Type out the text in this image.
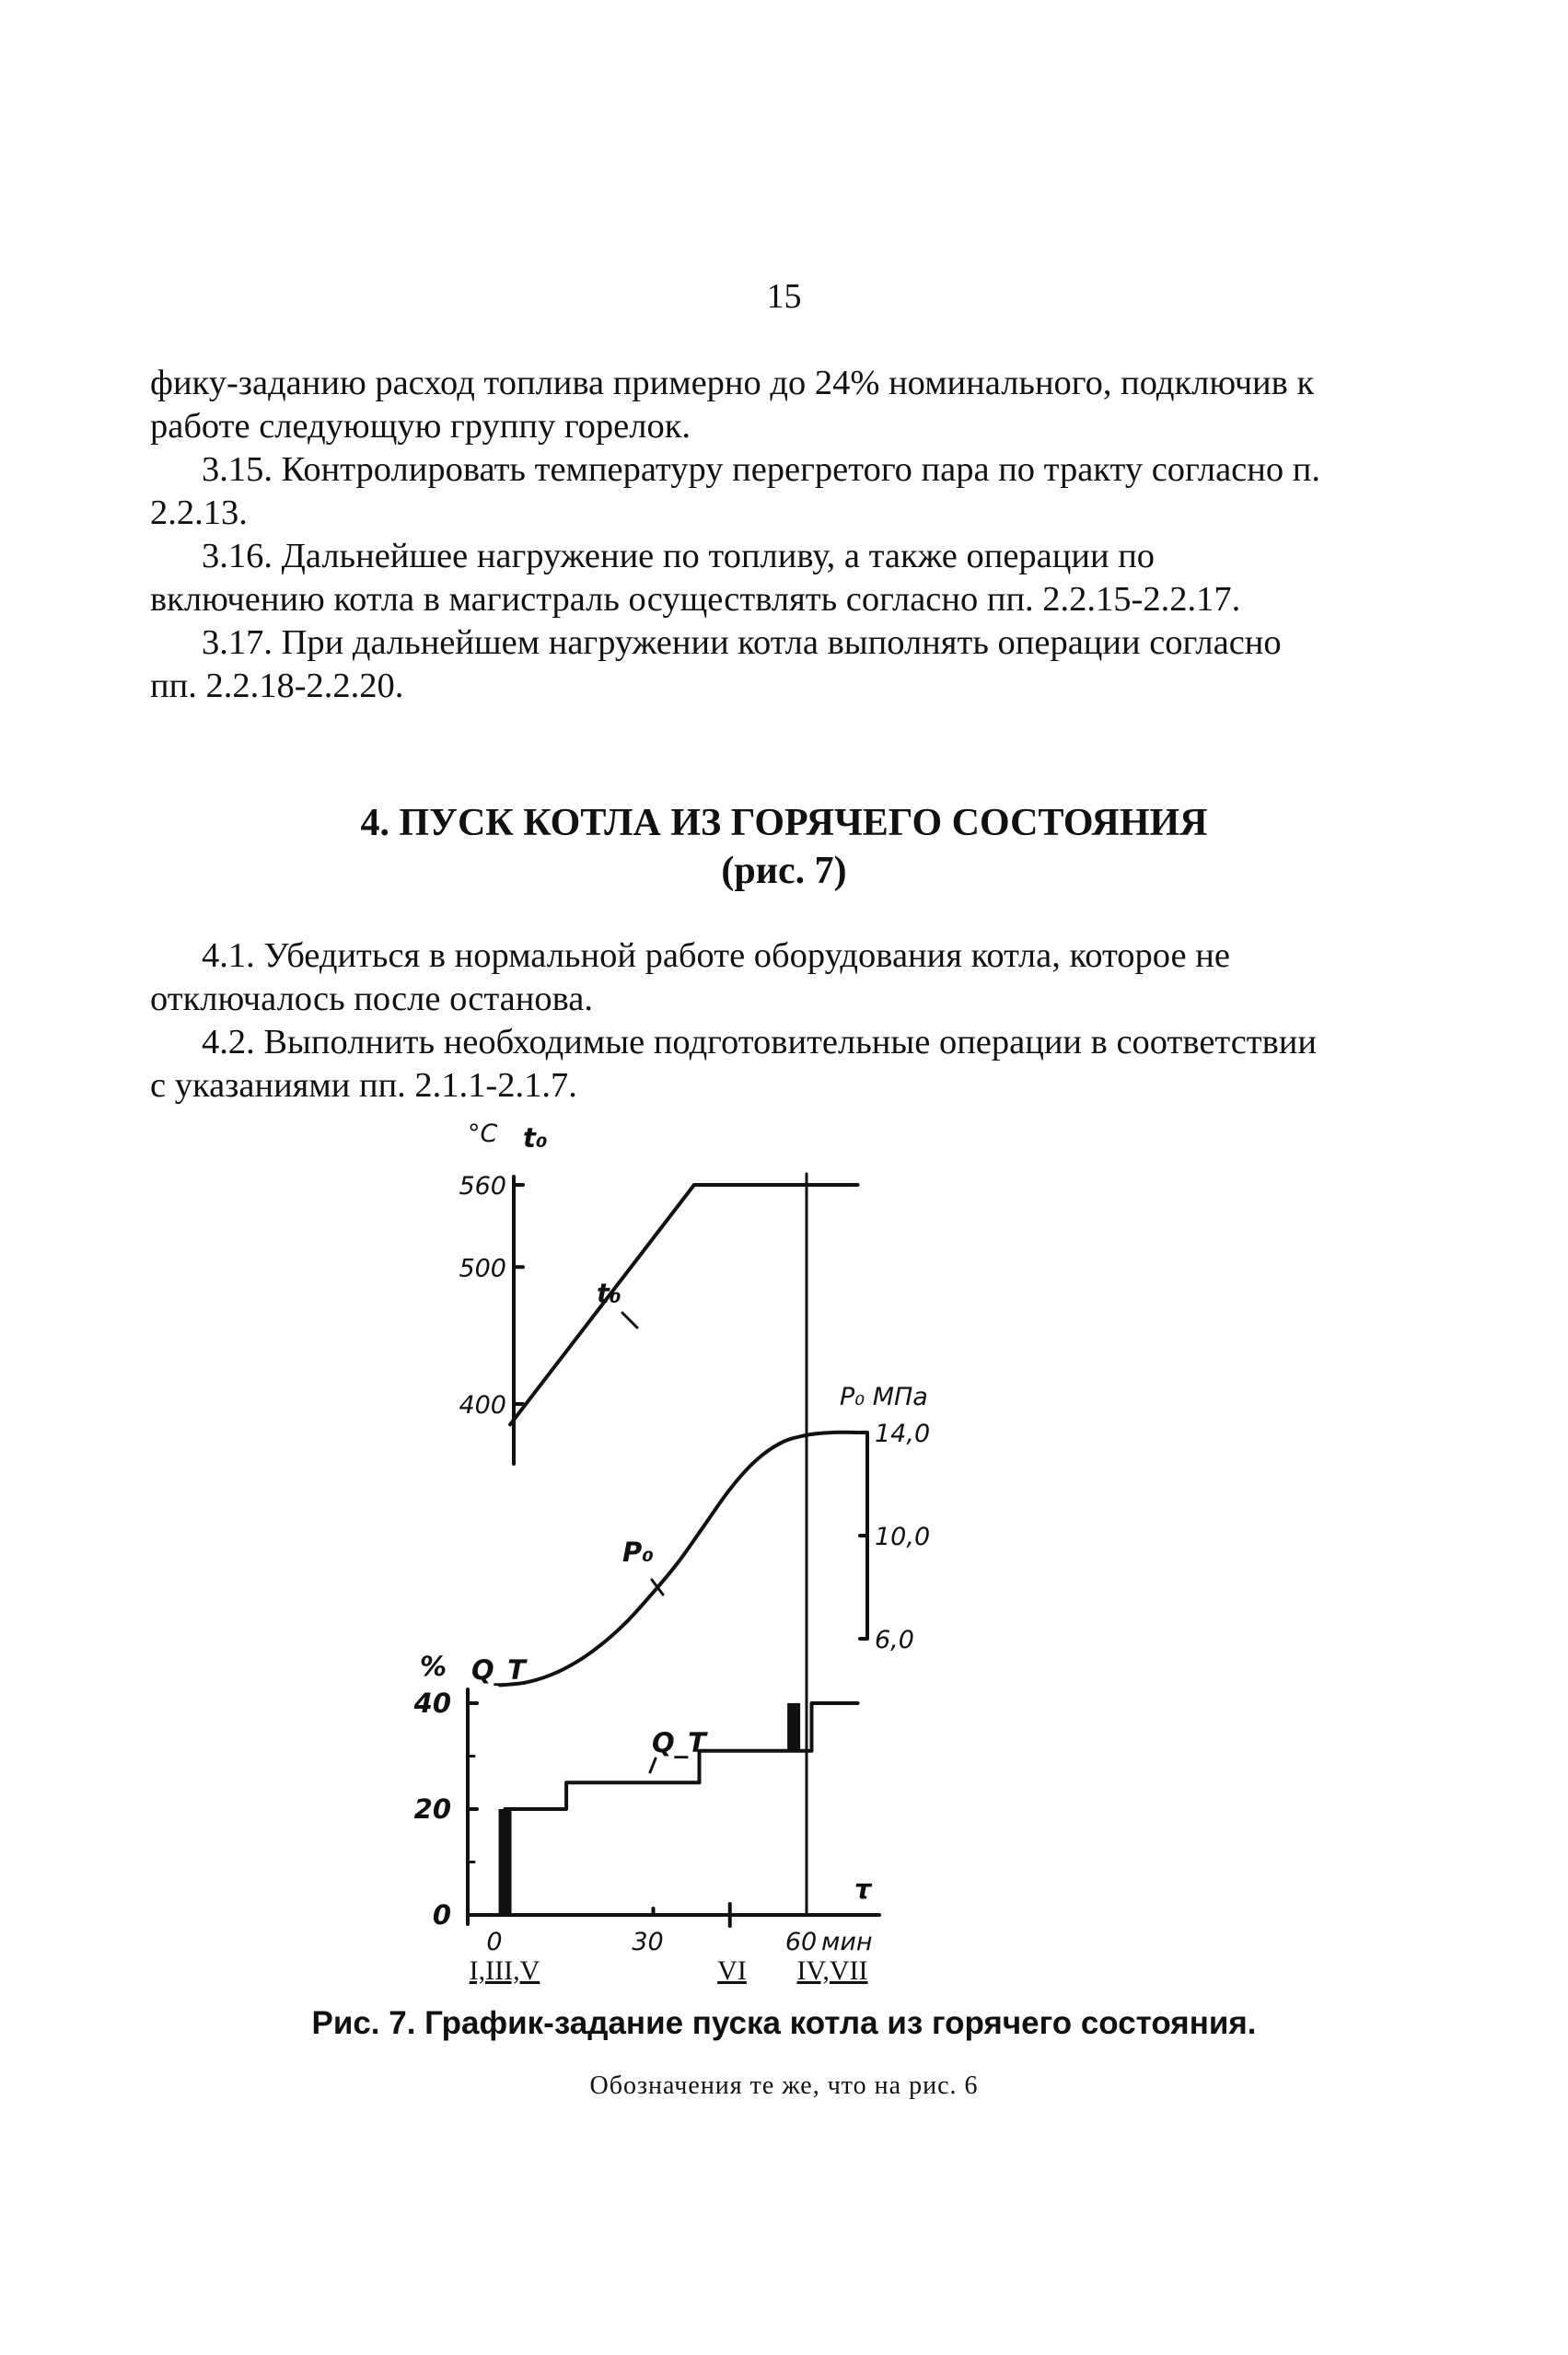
15

фику-заданию расход топлива примерно до 24% номинального, подключив к работе следующую группу горелок.

3.15. Контролировать температуру перегретого пара по тракту согласно п. 2.2.13.

3.16. Дальнейшее нагружение по топливу, а также операции по включению котла в магистраль осуществлять согласно пп. 2.2.15-2.2.17.

3.17. При дальнейшем нагружении котла выполнять операции согласно пп. 2.2.18-2.2.20.

4. ПУСК КОТЛА ИЗ ГОРЯЧЕГО СОСТОЯНИЯ
(рис. 7)

4.1. Убедиться в нормальной работе оборудования котла, которое не отключалось после останова.

4.2. Выполнить необходимые подготовительные операции в соответствии с указаниями пп. 2.1.1-2.1.7.

400
500
560
°C t₀
t₀
P₀ МПа
6,0
10,0
14,0
P₀
0
20
40
% Q_T
0	30	60 мин
τ
I,III,V	VI IV,VII
Q_T
Рис. 7. График-задание пуска котла из горячего состояния.
Обозначения те же, что на рис. 6
